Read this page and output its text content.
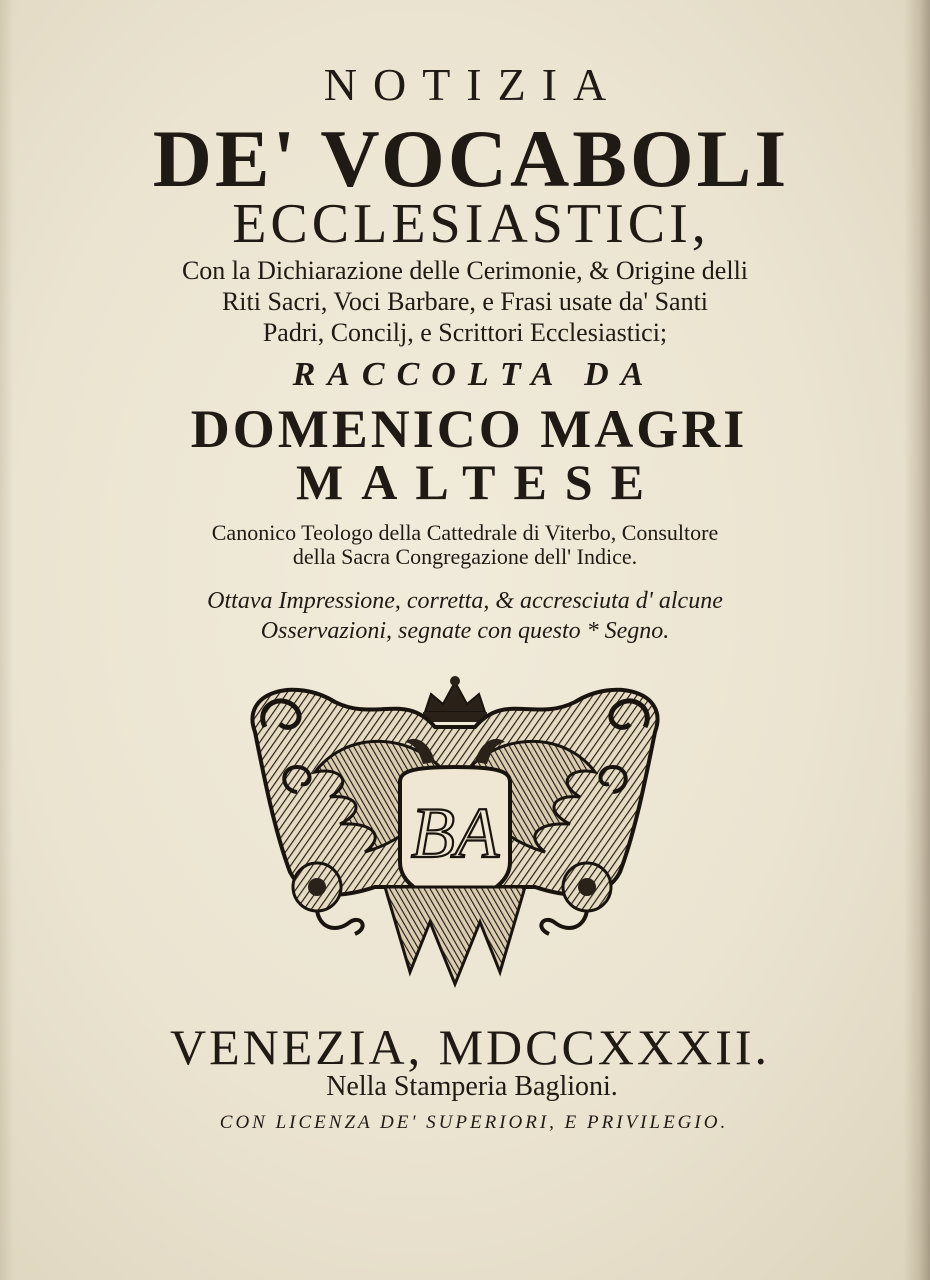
NOTIZIA
DE' VOCABOLI
ECCLESIASTICI,
Con la Dichiarazione delle Cerimonie, & Origine delli
Riti Sacri, Voci Barbare, e Frasi usate da' Santi
Padri, Concilj, e Scrittori Ecclesiastici;
RACCOLTA DA
DOMENICO MAGRI
MALTESE
Canonico Teologo della Cattedrale di Viterbo, Consultore
della Sacra Congregazione dell' Indice.
Ottava Impressione, corretta, & accresciuta d' alcune
Osservazioni, segnate con questo * Segno.
BA
VENEZIA, MDCCXXXII.
Nella Stamperia Baglioni.
CON LICENZA DE' SUPERIORI, E PRIVILEGIO.
